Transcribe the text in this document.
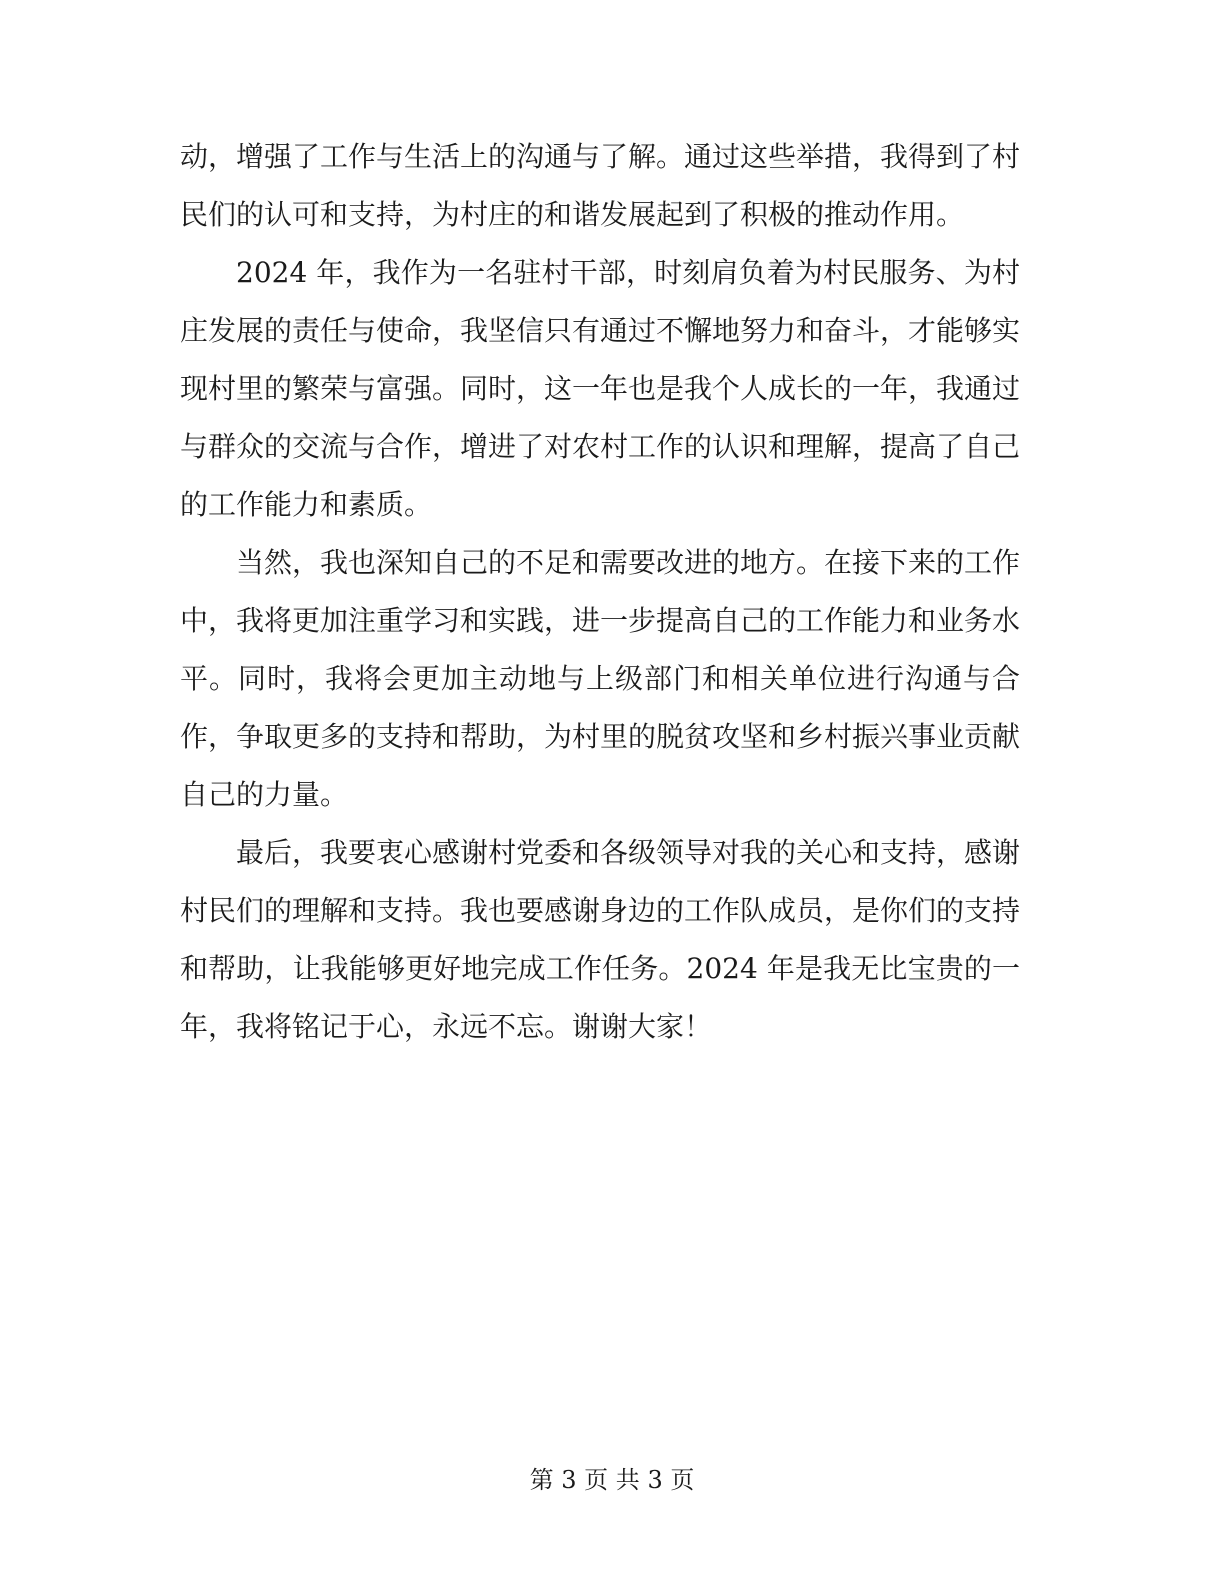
动，增强了工作与生活上的沟通与了解。通过这些举措，我得到了村民们的认可和支持，为村庄的和谐发展起到了积极的推动作用。

2024 年，我作为一名驻村干部，时刻肩负着为村民服务、为村庄发展的责任与使命，我坚信只有通过不懈地努力和奋斗，才能够实现村里的繁荣与富强。同时，这一年也是我个人成长的一年，我通过与群众的交流与合作，增进了对农村工作的认识和理解，提高了自己的工作能力和素质。

当然，我也深知自己的不足和需要改进的地方。在接下来的工作中，我将更加注重学习和实践，进一步提高自己的工作能力和业务水平。同时，我将会更加主动地与上级部门和相关单位进行沟通与合作，争取更多的支持和帮助，为村里的脱贫攻坚和乡村振兴事业贡献自己的力量。

最后，我要衷心感谢村党委和各级领导对我的关心和支持，感谢村民们的理解和支持。我也要感谢身边的工作队成员，是你们的支持和帮助，让我能够更好地完成工作任务。2024 年是我无比宝贵的一年，我将铭记于心，永远不忘。谢谢大家！

第 3 页 共 3 页
